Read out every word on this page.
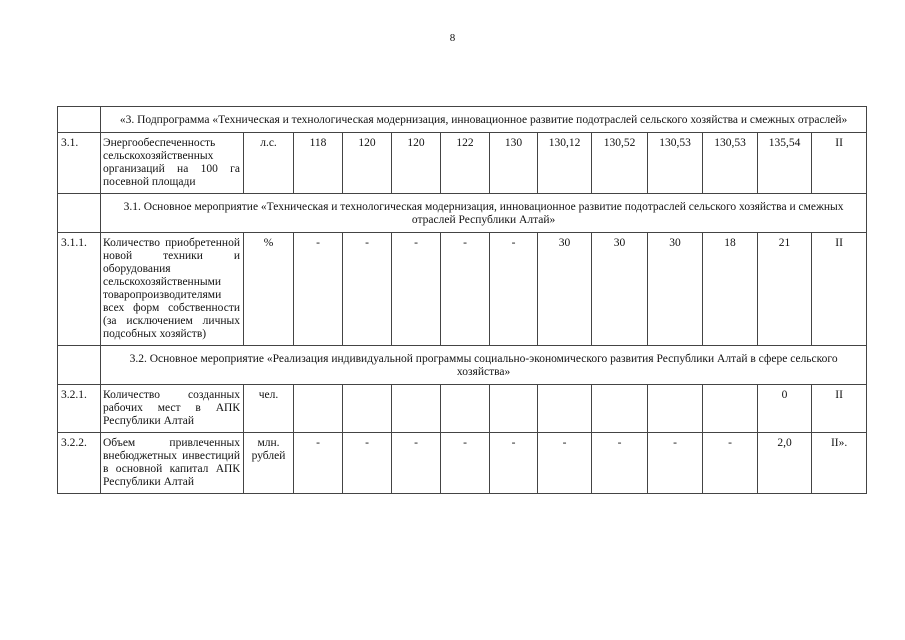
8
	«3. Подпрограмма «Техническая и технологическая модернизация, инновационное развитие подотраслей сельского хозяйства и смежных отраслей»												
3.1.	Энергообеспеченность сельскохозяйственных организаций на 100 га посевной площади	л.с.	118	120	120	122	130	130,12	130,52	130,53	130,53	135,54	II
	3.1. Основное мероприятие «Техническая и технологическая модернизация, инновационное развитие подотраслей сельского хозяйства и смежных отраслей Республики Алтай»												
3.1.1.	Количество приобретенной новой техники и оборудования сельскохозяйственными товаропроизводителями всех форм собственности (за исключением личных подсобных хозяйств)	%	-	-	-	-	-	30	30	30	18	21	II
	3.2. Основное мероприятие «Реализация индивидуальной программы социально-экономического развития Республики Алтай в сфере сельского хозяйства»												
3.2.1.	Количество созданных рабочих мест в АПК Республики Алтай	чел.										0	II
3.2.2.	Объем привлеченных внебюджетных инвестиций в основной капитал АПК Республики Алтай	млн. рублей	-	-	-	-	-	-	-	-	-	2,0	II».
